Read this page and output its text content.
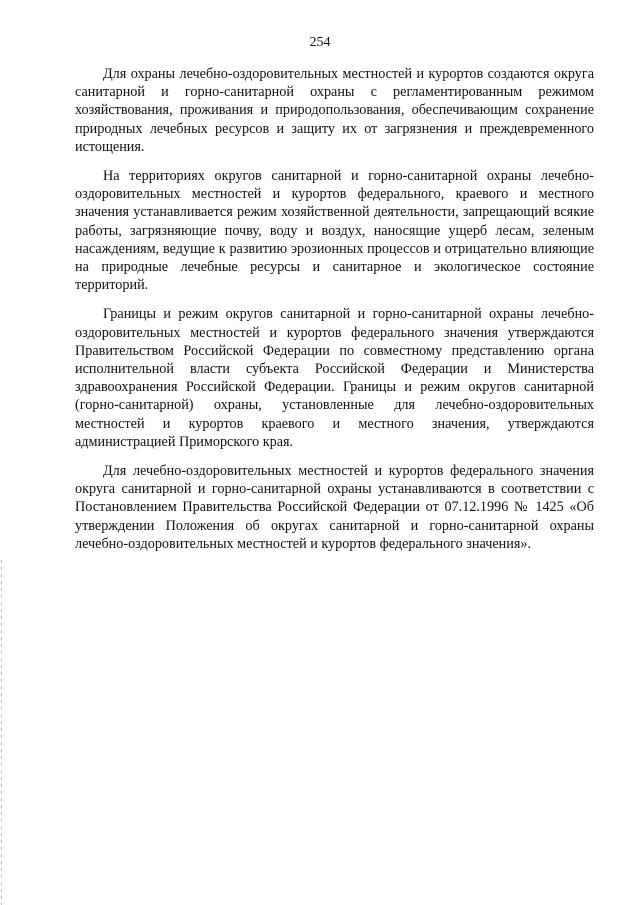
254

Для охраны лечебно-оздоровительных местностей и курортов создаются округа санитарной и горно-санитарной охраны с регламентированным режимом хозяйствования, проживания и природопользования, обеспечивающим сохранение природных лечебных ресурсов и защиту их от загрязнения и преждевременного истощения.

На территориях округов санитарной и горно-санитарной охраны лечебно-оздоровительных местностей и курортов федерального, краевого и местного значения устанавливается режим хозяйственной деятельности, запрещающий всякие работы, загрязняющие почву, воду и воздух, наносящие ущерб лесам, зеленым насаждениям, ведущие к развитию эрозионных процессов и отрицательно влияющие на природные лечебные ресурсы и санитарное и экологическое состояние территорий.

Границы и режим округов санитарной и горно-санитарной охраны лечебно-оздоровительных местностей и курортов федерального значения утверждаются Правительством Российской Федерации по совместному представлению органа исполнительной власти субъекта Российской Федерации и Министерства здравоохранения Российской Федерации. Границы и режим округов санитарной (горно-санитарной) охраны, установленные для лечебно-оздоровительных местностей и курортов краевого и местного значения, утверждаются администрацией Приморского края.

Для лечебно-оздоровительных местностей и курортов федерального значения округа санитарной и горно-санитарной охраны устанавливаются в соответствии с Постановлением Правительства Российской Федерации от 07.12.1996 № 1425 «Об утверждении Положения об округах санитарной и горно-санитарной охраны лечебно-оздоровительных местностей и курортов федерального значения».
